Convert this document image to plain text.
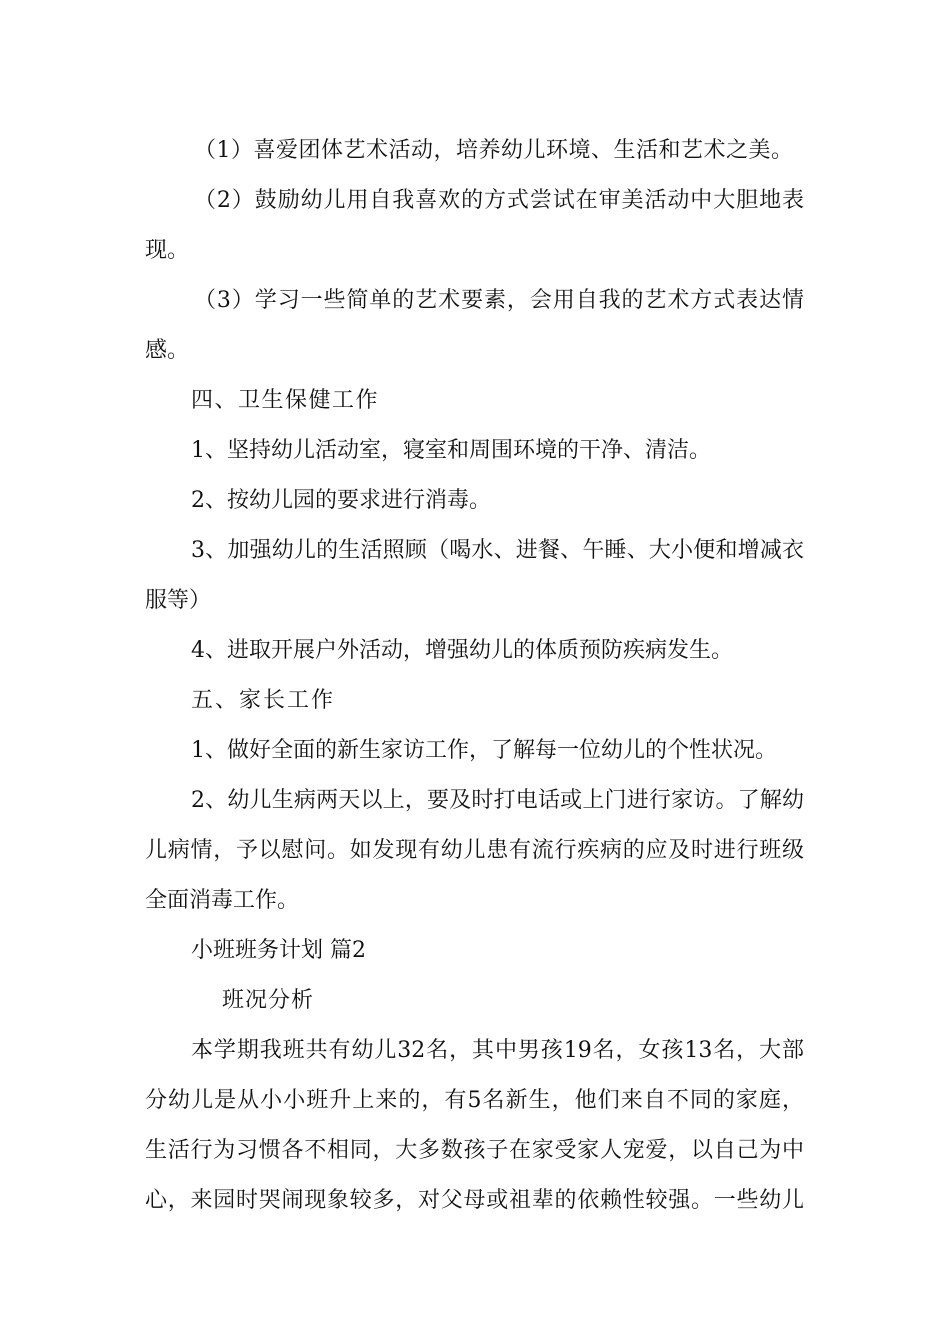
（1）喜爱团体艺术活动，培养幼儿环境、生活和艺术之美。
（2）鼓励幼儿用自我喜欢的方式尝试在审美活动中大胆地表
现。
（3）学习一些简单的艺术要素，会用自我的艺术方式表达情
感。
四、卫生保健工作
1、坚持幼儿活动室，寝室和周围环境的干净、清洁。
2、按幼儿园的要求进行消毒。
3、加强幼儿的生活照顾（喝水、进餐、午睡、大小便和增减衣
服等）
4、进取开展户外活动，增强幼儿的体质预防疾病发生。
五、家长工作
1、做好全面的新生家访工作，了解每一位幼儿的个性状况。
2、幼儿生病两天以上，要及时打电话或上门进行家访。了解幼
儿病情，予以慰问。如发现有幼儿患有流行疾病的应及时进行班级
全面消毒工作。
小班班务计划 篇2
班况分析
本学期我班共有幼儿32名，其中男孩19名，女孩13名，大部
分幼儿是从小小班升上来的，有5名新生，他们来自不同的家庭，
生活行为习惯各不相同，大多数孩子在家受家人宠爱，以自己为中
心，来园时哭闹现象较多，对父母或祖辈的依赖性较强。一些幼儿
